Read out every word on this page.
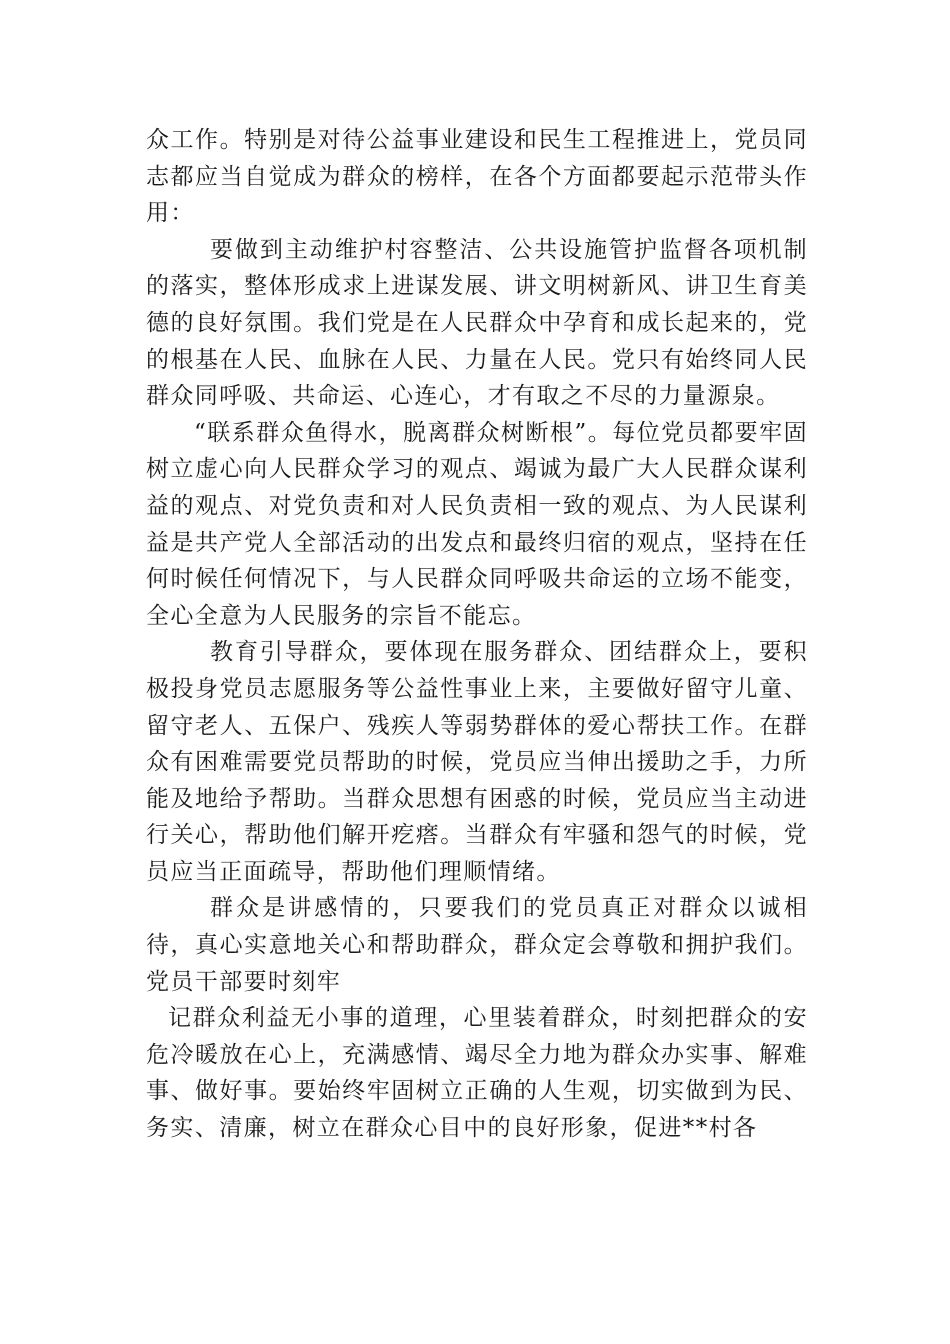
众工作。特别是对待公益事业建设和民生工程推进上，党员同志都应当自觉成为群众的榜样，在各个方面都要起示范带头作用：

要做到主动维护村容整洁、公共设施管护监督各项机制的落实，整体形成求上进谋发展、讲文明树新风、讲卫生育美德的良好氛围。我们党是在人民群众中孕育和成长起来的，党的根基在人民、血脉在人民、力量在人民。党只有始终同人民群众同呼吸、共命运、心连心，才有取之不尽的力量源泉。

“联系群众鱼得水，脱离群众树断根”。每位党员都要牢固树立虚心向人民群众学习的观点、竭诚为最广大人民群众谋利益的观点、对党负责和对人民负责相一致的观点、为人民谋利益是共产党人全部活动的出发点和最终归宿的观点，坚持在任何时候任何情况下，与人民群众同呼吸共命运的立场不能变，全心全意为人民服务的宗旨不能忘。

教育引导群众，要体现在服务群众、团结群众上，要积极投身党员志愿服务等公益性事业上来，主要做好留守儿童、留守老人、五保户、残疾人等弱势群体的爱心帮扶工作。在群众有困难需要党员帮助的时候，党员应当伸出援助之手，力所能及地给予帮助。当群众思想有困惑的时候，党员应当主动进行关心，帮助他们解开疙瘩。当群众有牢骚和怨气的时候，党员应当正面疏导，帮助他们理顺情绪。

群众是讲感情的，只要我们的党员真正对群众以诚相待，真心实意地关心和帮助群众，群众定会尊敬和拥护我们。党员干部要时刻牢

记群众利益无小事的道理，心里装着群众，时刻把群众的安危冷暖放在心上，充满感情、竭尽全力地为群众办实事、解难事、做好事。要始终牢固树立正确的人生观，切实做到为民、务实、清廉，树立在群众心目中的良好形象，促进**村各
